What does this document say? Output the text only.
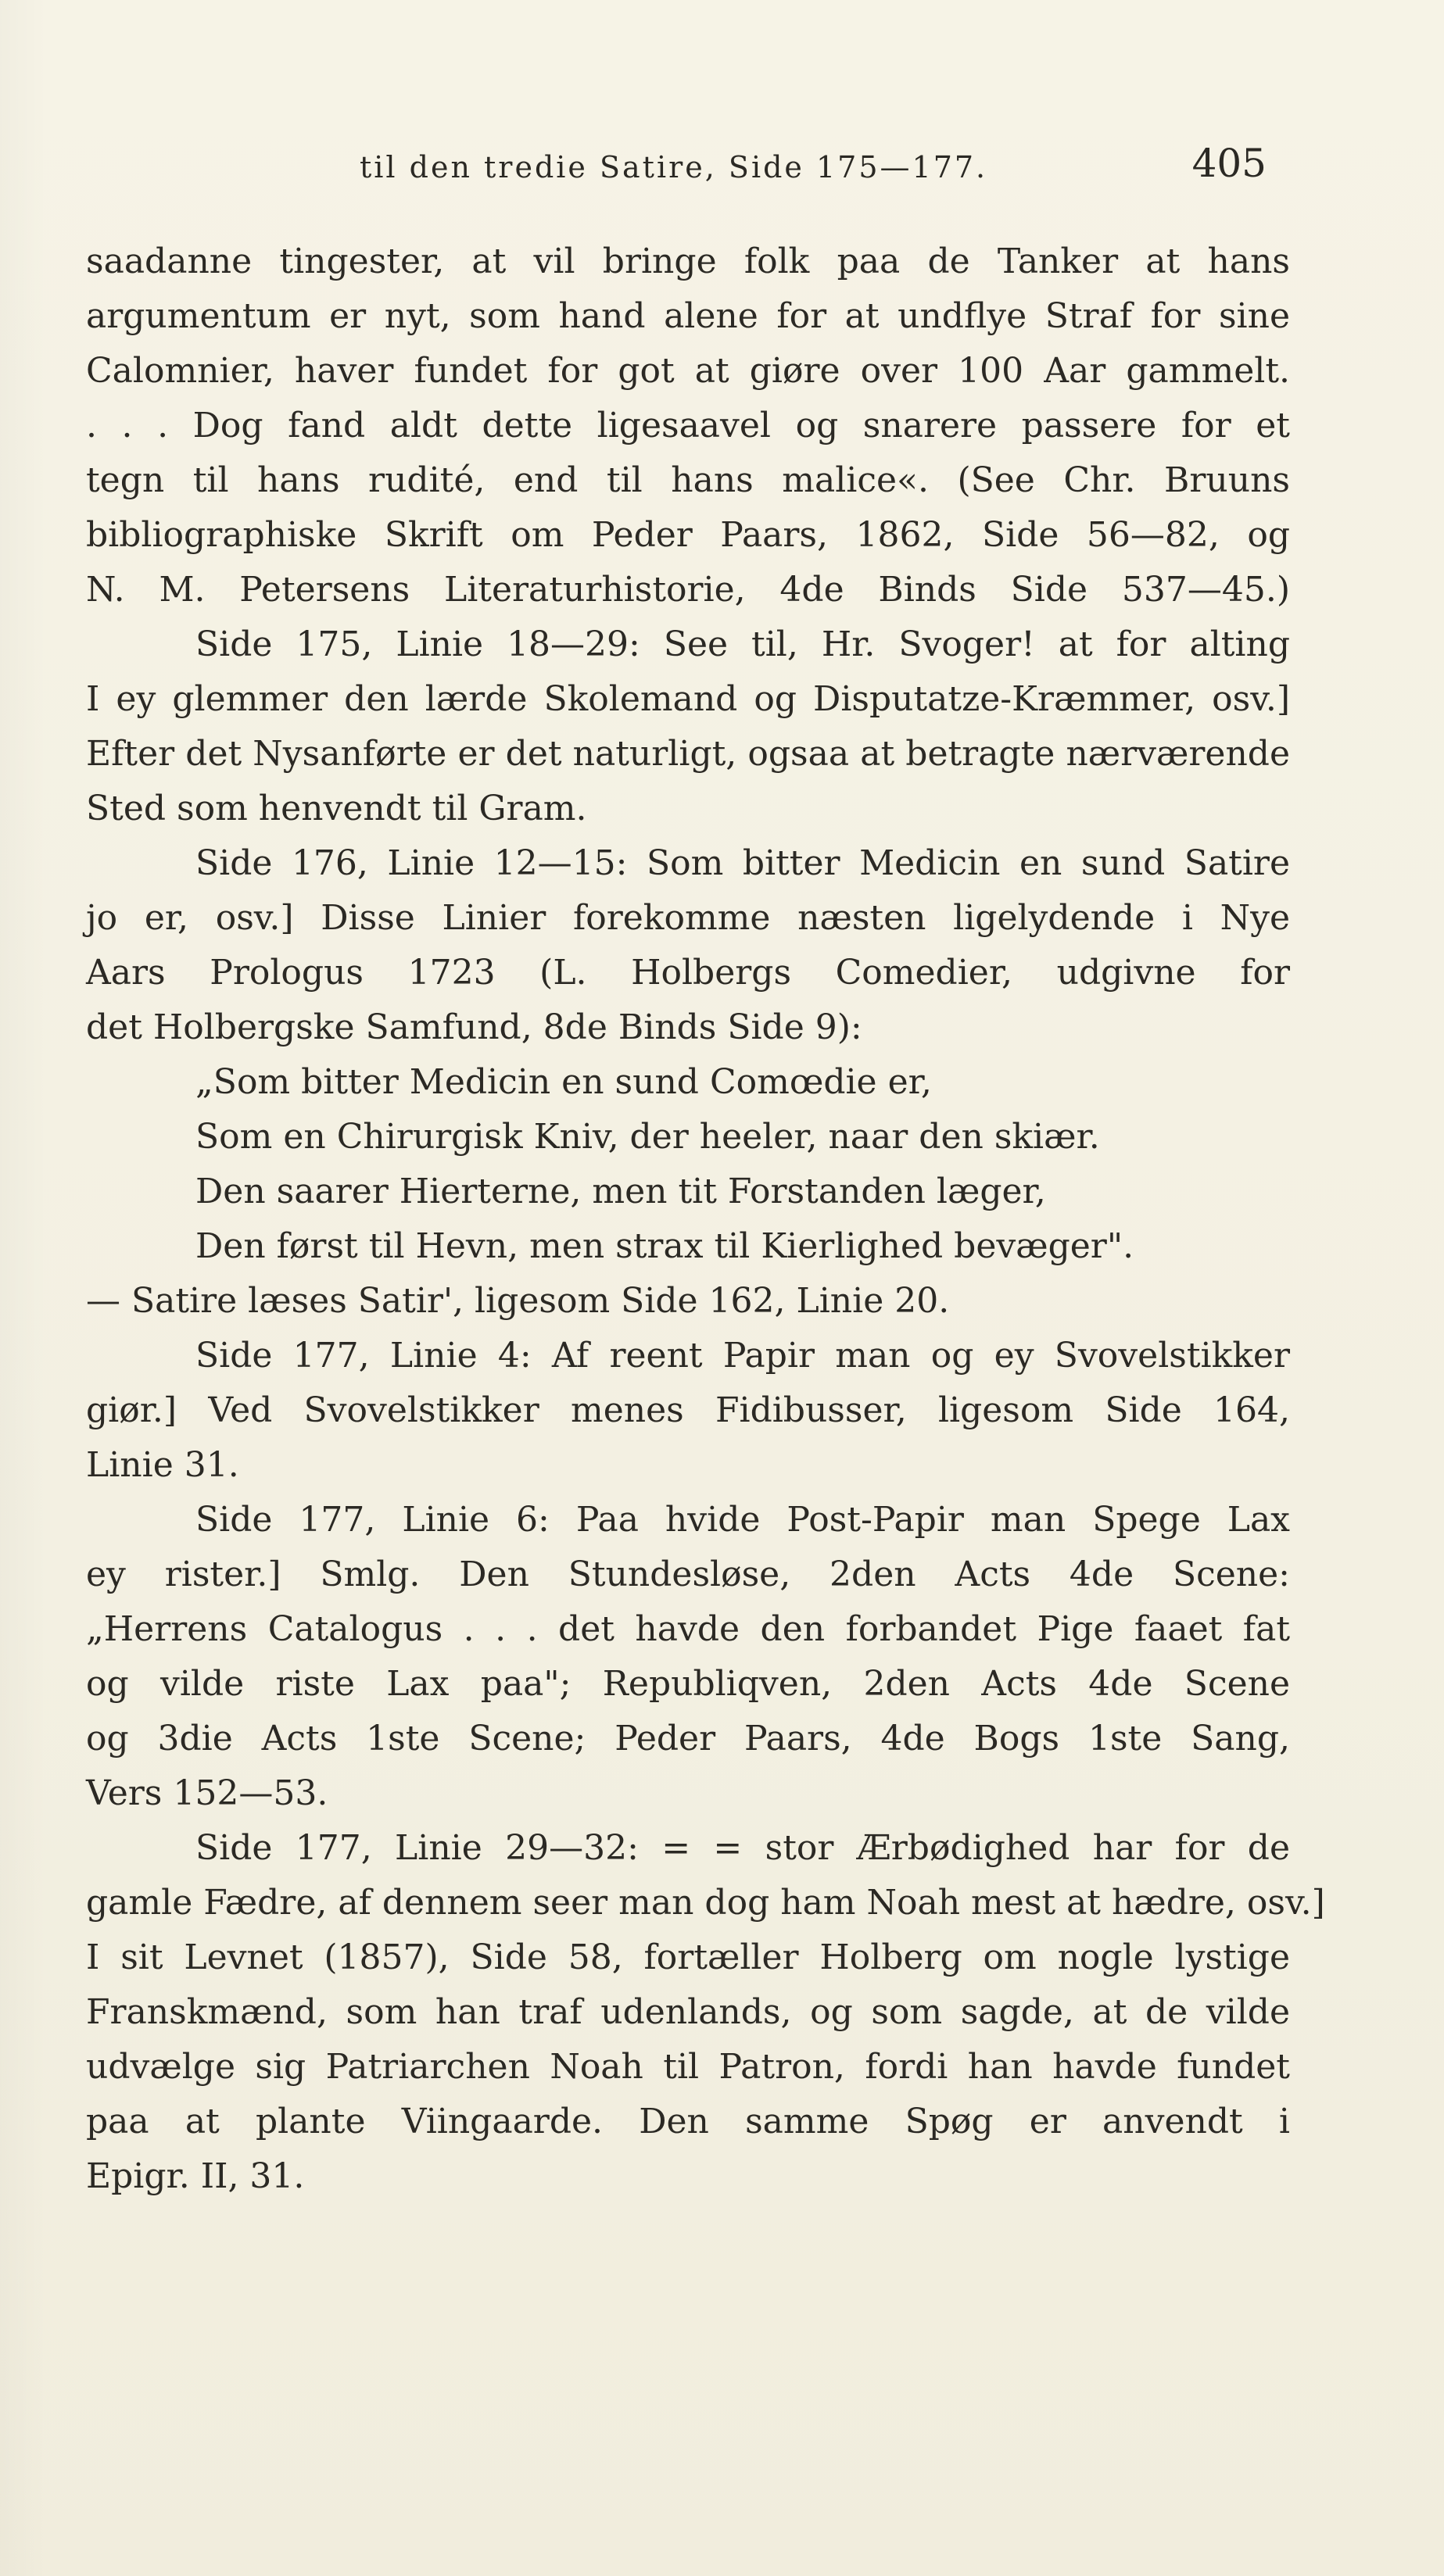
til den tredie Satire, Side 175—177.	405
saadanne tingester, at vil bringe folk paa de Tanker at hans
argumentum er nyt, som hand alene for at undflye Straf for sine
Calomnier, haver fundet for got at giøre over 100 Aar gammelt.
. . . Dog fand aldt dette ligesaavel og snarere passere for et
tegn til hans rudité, end til hans malice«. (See Chr. Bruuns
bibliographiske Skrift om Peder Paars, 1862, Side 56—82, og
N. M. Petersens Literaturhistorie, 4de Binds Side 537—45.)
Side 175, Linie 18—29: See til, Hr. Svoger! at for alting
I ey glemmer den lærde Skolemand og Disputatze-Kræmmer, osv.]
Efter det Nysanførte er det naturligt, ogsaa at betragte nærværende
Sted som henvendt til Gram.
Side 176, Linie 12—15: Som bitter Medicin en sund Satire
jo er, osv.] Disse Linier forekomme næsten ligelydende i Nye
Aars Prologus 1723 (L. Holbergs Comedier, udgivne for
det Holbergske Samfund, 8de Binds Side 9):
„Som bitter Medicin en sund Comœdie er,
Som en Chirurgisk Kniv, der heeler, naar den skiær.
Den saarer Hierterne, men tit Forstanden læger,
Den først til Hevn, men strax til Kierlighed bevæger".
— Satire læses Satir', ligesom Side 162, Linie 20.
Side 177, Linie 4: Af reent Papir man og ey Svovelstikker
giør.] Ved Svovelstikker menes Fidibusser, ligesom Side 164,
Linie 31.
Side 177, Linie 6: Paa hvide Post-Papir man Spege Lax
ey rister.] Smlg. Den Stundesløse, 2den Acts 4de Scene:
„Herrens Catalogus . . . det havde den forbandet Pige faaet fat
og vilde riste Lax paa"; Republiqven, 2den Acts 4de Scene
og 3die Acts 1ste Scene; Peder Paars, 4de Bogs 1ste Sang,
Vers 152—53.
Side 177, Linie 29—32: = = stor Ærbødighed har for de
gamle Fædre, af dennem seer man dog ham Noah mest at hædre, osv.]
I sit Levnet (1857), Side 58, fortæller Holberg om nogle lystige
Franskmænd, som han traf udenlands, og som sagde, at de vilde
udvælge sig Patriarchen Noah til Patron, fordi han havde fundet
paa at plante Viingaarde. Den samme Spøg er anvendt i
Epigr. II, 31.
